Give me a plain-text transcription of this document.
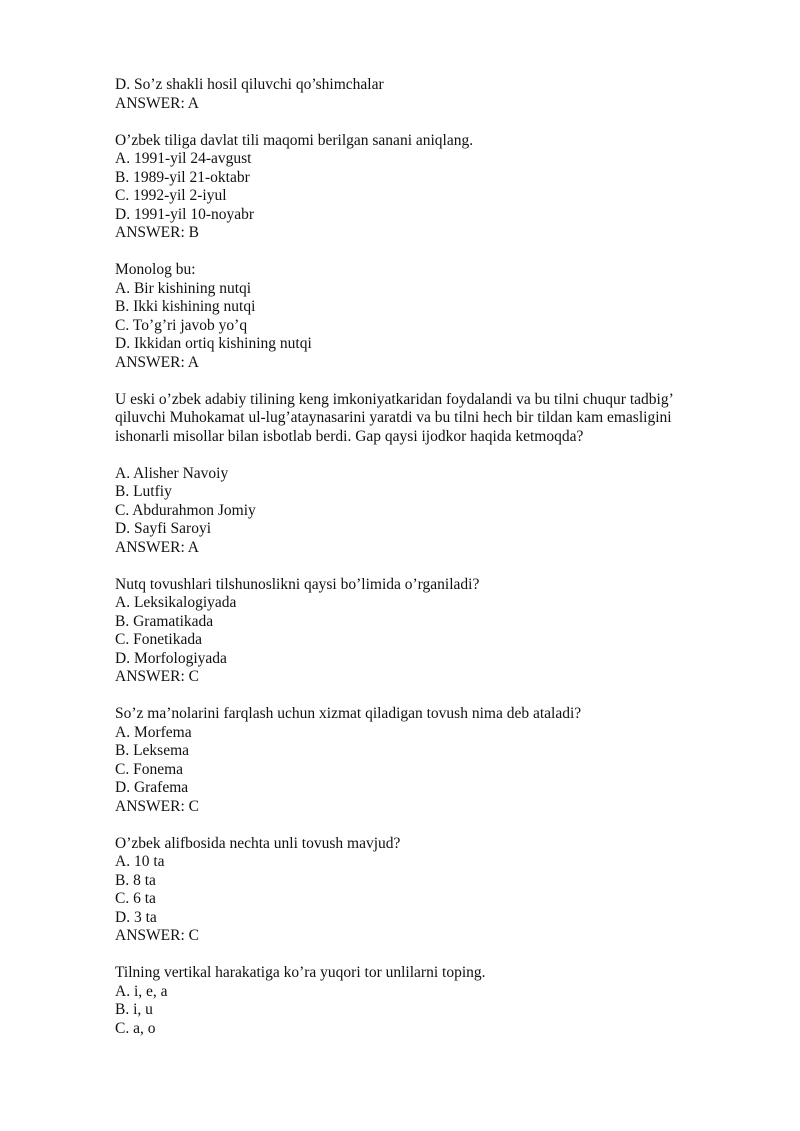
D. So’z shakli hosil qiluvchi qo’shimchalar
ANSWER: A
O’zbek tiliga davlat tili maqomi berilgan sanani aniqlang.
A. 1991-yil 24-avgust
B. 1989-yil 21-oktabr
C. 1992-yil 2-iyul
D. 1991-yil 10-noyabr
ANSWER: B
Monolog bu:
A. Bir kishining nutqi
B. Ikki kishining nutqi
C. To’g’ri javob yo’q
D. Ikkidan ortiq kishining nutqi
ANSWER: A
U eski o’zbek adabiy tilining keng imkoniyatkaridan foydalandi va bu tilni chuqur tadbig’
qiluvchi Muhokamat ul-lug’ataynasarini yaratdi va bu tilni hech bir tildan kam emasligini
ishonarli misollar bilan isbotlab berdi. Gap qaysi ijodkor haqida ketmoqda?
A. Alisher Navoiy
B. Lutfiy
C. Abdurahmon Jomiy
D. Sayfi Saroyi
ANSWER: A
Nutq tovushlari tilshunoslikni qaysi bo’limida o’rganiladi?
A. Leksikalogiyada
B. Gramatikada
C. Fonetikada
D. Morfologiyada
ANSWER: C
So’z ma’nolarini farqlash uchun xizmat qiladigan tovush nima deb ataladi?
A. Morfema
B. Leksema
C. Fonema
D. Grafema
ANSWER: C
O’zbek alifbosida nechta unli tovush mavjud?
A. 10 ta
B. 8 ta
C. 6 ta
D. 3 ta
ANSWER: C
Tilning vertikal harakatiga ko’ra yuqori tor unlilarni toping.
A. i, e, a
B. i, u
C. a, o
